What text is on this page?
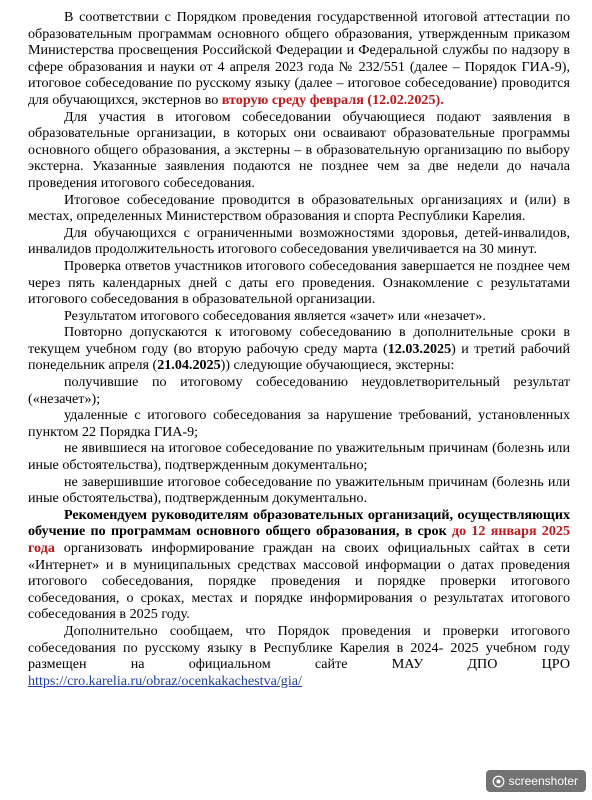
В соответствии с Порядком проведения государственной итоговой аттестации по образовательным программам основного общего образования, утвержденным приказом Министерства просвещения Российской Федерации и Федеральной службы по надзору в сфере образования и науки от 4 апреля 2023 года № 232/551 (далее – Порядок ГИА-9), итоговое собеседование по русскому языку (далее – итоговое собеседование) проводится для обучающихся, экстернов во вторую среду февраля (12.02.2025).

Для участия в итоговом собеседовании обучающиеся подают заявления в образовательные организации, в которых они осваивают образовательные программы основного общего образования, а экстерны – в образовательную организацию по выбору экстерна. Указанные заявления подаются не позднее чем за две недели до начала проведения итогового собеседования.

Итоговое собеседование проводится в образовательных организациях и (или) в местах, определенных Министерством образования и спорта Республики Карелия.

Для обучающихся с ограниченными возможностями здоровья, детей-инвалидов, инвалидов продолжительность итогового собеседования увеличивается на 30 минут.

Проверка ответов участников итогового собеседования завершается не позднее чем через пять календарных дней с даты его проведения. Ознакомление с результатами итогового собеседования в образовательной организации.

Результатом итогового собеседования является «зачет» или «незачет».

Повторно допускаются к итоговому собеседованию в дополнительные сроки в текущем учебном году (во вторую рабочую среду марта (12.03.2025) и третий рабочий понедельник апреля (21.04.2025)) следующие обучающиеся, экстерны:

получившие по итоговому собеседованию неудовлетворительный результат («незачет»);

удаленные с итогового собеседования за нарушение требований, установленных пунктом 22 Порядка ГИА-9;

не явившиеся на итоговое собеседование по уважительным причинам (болезнь или иные обстоятельства), подтвержденным документально;

не завершившие итоговое собеседование по уважительным причинам (болезнь или иные обстоятельства), подтвержденным документально.

Рекомендуем руководителям образовательных организаций, осуществляющих обучение по программам основного общего образования, в срок до 12 января 2025 года организовать информирование граждан на своих официальных сайтах в сети «Интернет» и в муниципальных средствах массовой информации о датах проведения итогового собеседования, порядке проведения и порядке проверки итогового собеседования, о сроках, местах и порядке информирования о результатах итогового собеседования в 2025 году.

Дополнительно сообщаем, что Порядок проведения и проверки итогового собеседования по русскому языку в Республике Карелия в 2024- 2025 учебном году размещен на официальном сайте МАУ ДПО ЦРО https://cro.karelia.ru/obraz/ocenkakachestva/gia/

screenshoter
